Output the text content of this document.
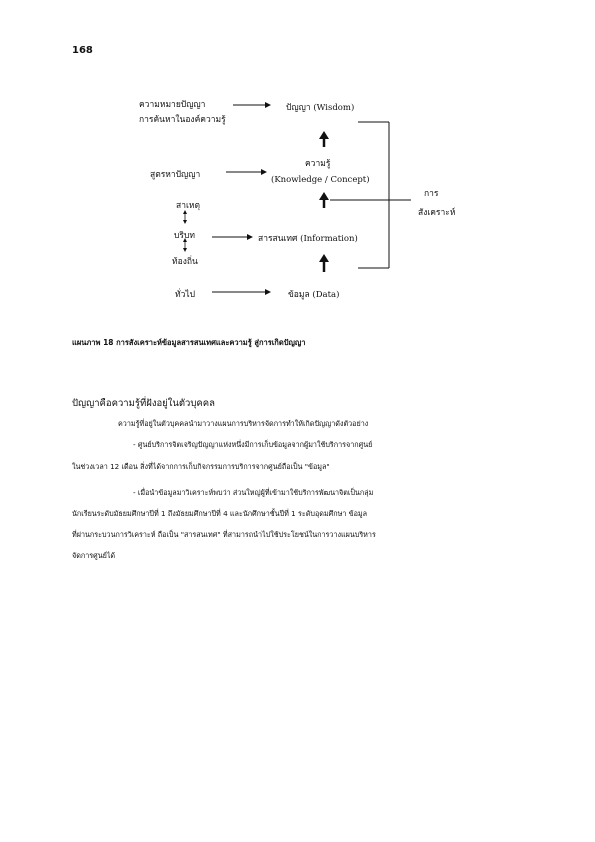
168
ความหมายปัญญา
การค้นหาในองค์ความรู้
ปัญญา (Wisdom)
ความรู้
(Knowledge / Concept)
สูตรหาปัญญา
การ
สังเคราะห์
สาเหตุ
บริบท
ท้องถิ่น
สารสนเทศ (Information)
ทั่วไป	ข้อมูล (Data)
แผนภาพ 18 การสังเคราะห์ข้อมูลสารสนเทศและความรู้ สู่การเกิดปัญญา
ปัญญาคือความรู้ที่ฝังอยู่ในตัวบุคคล
ความรู้ที่อยู่ในตัวบุคคลนำมาวางแผนการบริหารจัดการทำให้เกิดปัญญาดังตัวอย่าง
- ศูนย์บริการจิตเจริญปัญญาแห่งหนึ่งมีการเก็บข้อมูลจากผู้มาใช้บริการจากศูนย์
ในช่วงเวลา 12 เดือน สิ่งที่ได้จากการเก็บกิจกรรมการบริการจากศูนย์ถือเป็น "ข้อมูล"
- เมื่อนำข้อมูลมาวิเคราะห์พบว่า ส่วนใหญ่ผู้ที่เข้ามาใช้บริการพัฒนาจิตเป็นกลุ่ม
นักเรียนระดับมัธยมศึกษาปีที่ 1 ถึงมัธยมศึกษาปีที่ 4 และนักศึกษาชั้นปีที่ 1 ระดับอุดมศึกษา ข้อมูล
ที่ผ่านกระบวนการวิเคราะห์ ถือเป็น "สารสนเทศ" ที่สามารถนำไปใช้ประโยชน์ในการวางแผนบริหาร
จัดการศูนย์ได้
